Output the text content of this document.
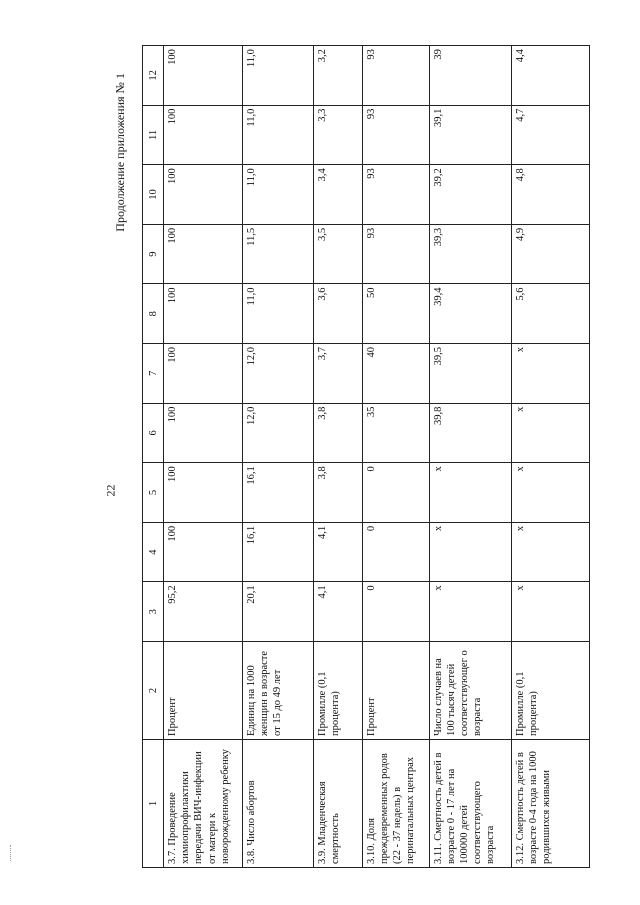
22
Продолжение приложения № 1
1	2	3	4	5	6	7	8	9	10	11	12
3.7. Проведение химиопрофилактики передачи ВИЧ-инфекции от матери к новорожденному ребенку	Процент	95,2	100	100	100	100	100	100	100	100	100
3.8. Число абортов	Единиц на 1000 женщин в возрасте от 15 до 49 лет	20,1	16,1	16,1	12,0	12,0	11,0	11,5	11,0	11,0	11,0
3.9. Младенческая смертность	Промилле (0,1 процента)	4,1	4,1	3,8	3,8	3,7	3,6	3,5	3,4	3,3	3,2
3.10. Доля преждевременных родов (22 - 37 недель) в перинатальных центрах	Процент	0	0	0	35	40	50	93	93	93	93
3.11. Смертность детей в возрасте 0 - 17 лет на 100000 детей соответствующего возраста	Число случаев на 100 тысяч детей соответствующег о возраста	х	х	х	39,8	39,5	39,4	39,3	39,2	39,1	39
3.12. Смертность детей в возрасте 0-4 года на 1000 родившихся живыми	Промилле (0,1 процента)	х	х	х	х	х	5,6	4,9	4,8	4,7	4,4
